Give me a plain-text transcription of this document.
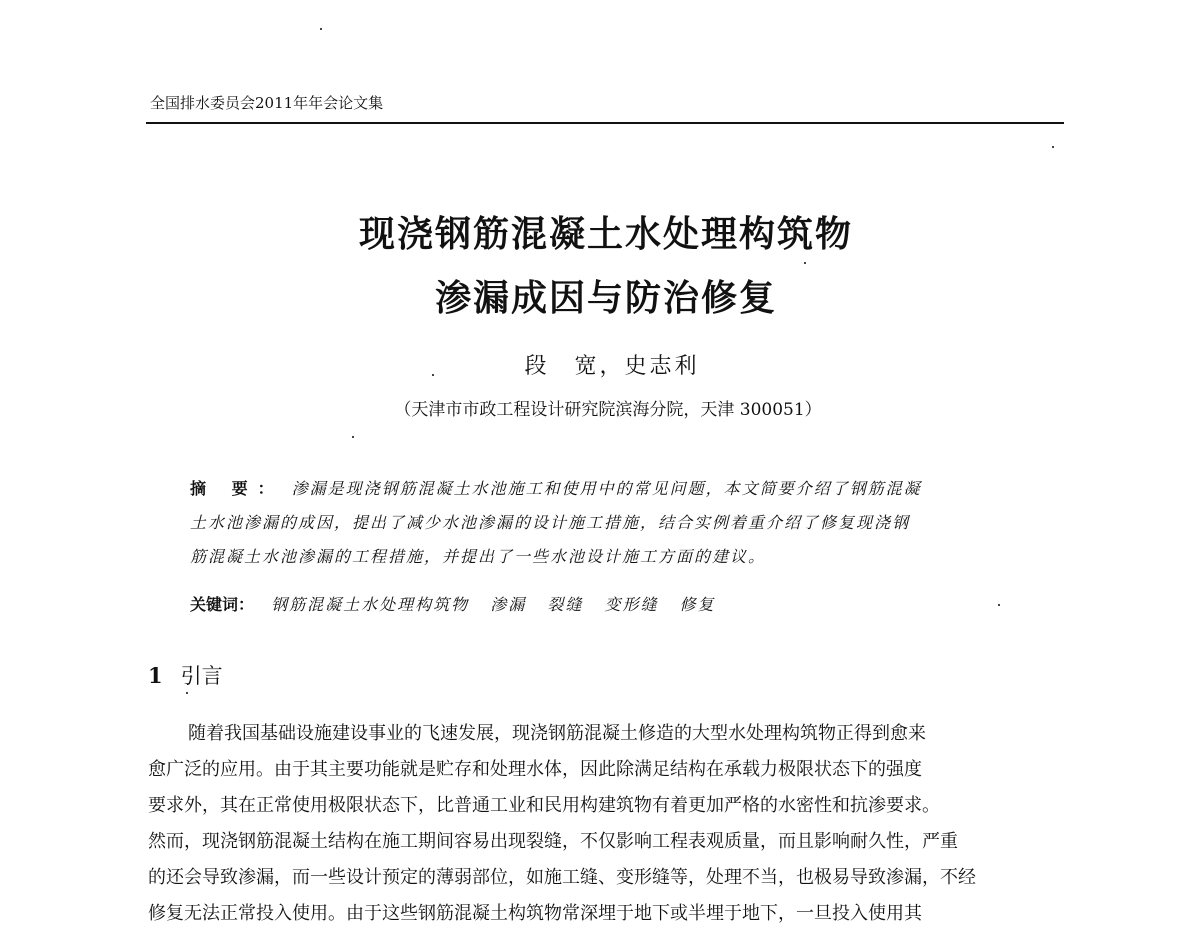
全国排水委员会2011年年会论文集
现浇钢筋混凝土水处理构筑物
渗漏成因与防治修复
段　宽，史志利
（天津市市政工程设计研究院滨海分院，天津 300051）
摘 要： 渗漏是现浇钢筋混凝土水池施工和使用中的常见问题，本文简要介绍了钢筋混凝
土水池渗漏的成因，提出了减少水池渗漏的设计施工措施，结合实例着重介绍了修复现浇钢
筋混凝土水池渗漏的工程措施，并提出了一些水池设计施工方面的建议。
关键词： 钢筋混凝土水处理构筑物 渗漏 裂缝 变形缝 修复
1 引言
随着我国基础设施建设事业的飞速发展，现浇钢筋混凝土修造的大型水处理构筑物正得到愈来
愈广泛的应用。由于其主要功能就是贮存和处理水体，因此除满足结构在承载力极限状态下的强度
要求外，其在正常使用极限状态下，比普通工业和民用构建筑物有着更加严格的水密性和抗渗要求。
然而，现浇钢筋混凝土结构在施工期间容易出现裂缝，不仅影响工程表观质量，而且影响耐久性，严重
的还会导致渗漏，而一些设计预定的薄弱部位，如施工缝、变形缝等，处理不当，也极易导致渗漏，不经
修复无法正常投入使用。由于这些钢筋混凝土构筑物常深埋于地下或半埋于地下，一旦投入使用其
